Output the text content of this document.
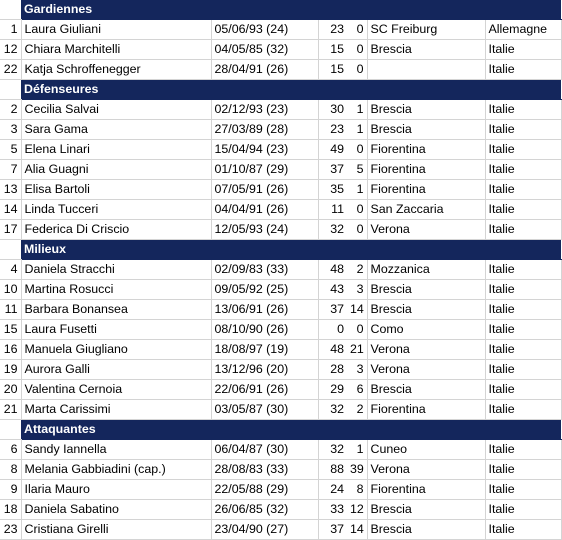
	Gardiennes					
1	Laura Giuliani	05/06/93 (24)	23	0	SC Freiburg	Allemagne
12	Chiara Marchitelli	04/05/85 (32)	15	0	Brescia	Italie
22	Katja Schroffenegger	28/04/91 (26)	15	0		Italie
	Défenseures					
2	Cecilia Salvai	02/12/93 (23)	30	1	Brescia	Italie
3	Sara Gama	27/03/89 (28)	23	1	Brescia	Italie
5	Elena Linari	15/04/94 (23)	49	0	Fiorentina	Italie
7	Alia Guagni	01/10/87 (29)	37	5	Fiorentina	Italie
13	Elisa Bartoli	07/05/91 (26)	35	1	Fiorentina	Italie
14	Linda Tucceri	04/04/91 (26)	11	0	San Zaccaria	Italie
17	Federica Di Criscio	12/05/93 (24)	32	0	Verona	Italie
	Milieux					
4	Daniela Stracchi	02/09/83 (33)	48	2	Mozzanica	Italie
10	Martina Rosucci	09/05/92 (25)	43	3	Brescia	Italie
11	Barbara Bonansea	13/06/91 (26)	37	14	Brescia	Italie
15	Laura Fusetti	08/10/90 (26)	0	0	Como	Italie
16	Manuela Giugliano	18/08/97 (19)	48	21	Verona	Italie
19	Aurora Galli	13/12/96 (20)	28	3	Verona	Italie
20	Valentina Cernoia	22/06/91 (26)	29	6	Brescia	Italie
21	Marta Carissimi	03/05/87 (30)	32	2	Fiorentina	Italie
	Attaquantes					
6	Sandy Iannella	06/04/87 (30)	32	1	Cuneo	Italie
8	Melania Gabbiadini (cap.)	28/08/83 (33)	88	39	Verona	Italie
9	Ilaria Mauro	22/05/88 (29)	24	8	Fiorentina	Italie
18	Daniela Sabatino	26/06/85 (32)	33	12	Brescia	Italie
23	Cristiana Girelli	23/04/90 (27)	37	14	Brescia	Italie
